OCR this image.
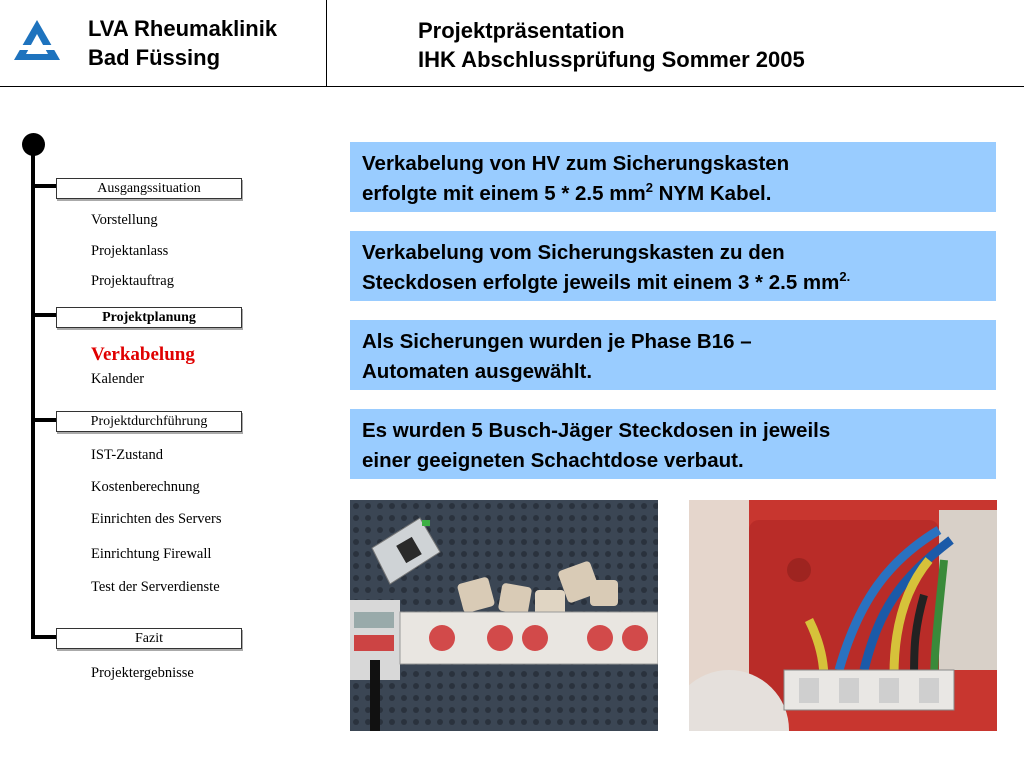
LVA Rheumaklinik
Bad Füssing
Projektpräsentation
IHK Abschlussprüfung Sommer 2005
Ausgangssituation
Vorstellung
Projektanlass
Projektauftrag
Projektplanung
Verkabelung
Kalender
Projektdurchführung
IST-Zustand
Kostenberechnung
Einrichten des Servers
Einrichtung Firewall
Test der Serverdienste
Fazit
Projektergebnisse
Verkabelung von HV zum Sicherungskasten
erfolgte mit einem 5 * 2.5 $mm^2$ NYM Kabel.
Verkabelung vom Sicherungskasten zu den
Steckdosen erfolgte jeweils mit einem 3 * 2.5 $mm^{2.}$
Als Sicherungen wurden je Phase B16 –
Automaten ausgewählt.
Es wurden 5 Busch-Jäger Steckdosen in jeweils
einer geeigneten Schachtdose verbaut.
